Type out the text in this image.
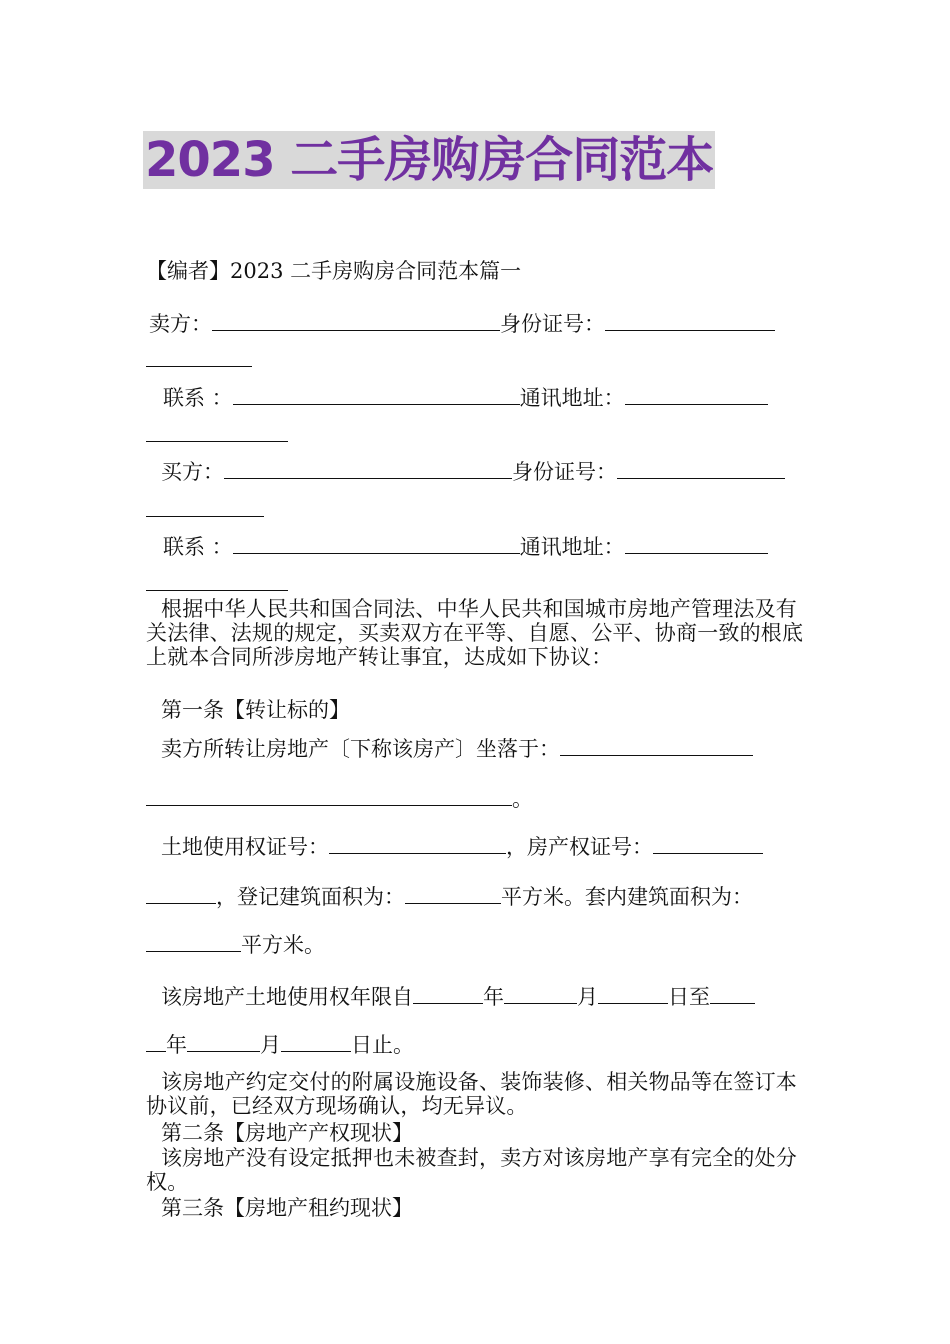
2023 二手房购房合同范本
【编者】2023 二手房购房合同范本篇一
卖方：	身份证号：
联系 ：	通讯地址：
买方：	身份证号：
联系 ：	通讯地址：
根据中华人民共和国合同法、中华人民共和国城市房地产管理法及有关法律、法规的规定，买卖双方在平等、自愿、公平、协商一致的根底上就本合同所涉房地产转让事宜，达成如下协议：
第一条【转让标的】
卖方所转让房地产〔下称该房产〕坐落于：
。
土地使用权证号：	，房产权证号：
，登记建筑面积为：	平方米。套内建筑面积为：
平方米。
该房地产土地使用权年限自	年	月	日至
年	月	日止。
该房地产约定交付的附属设施设备、装饰装修、相关物品等在签订本协议前，已经双方现场确认，均无异议。
第二条【房地产产权现状】
该房地产没有设定抵押也未被查封，卖方对该房地产享有完全的处分权。
第三条【房地产租约现状】
